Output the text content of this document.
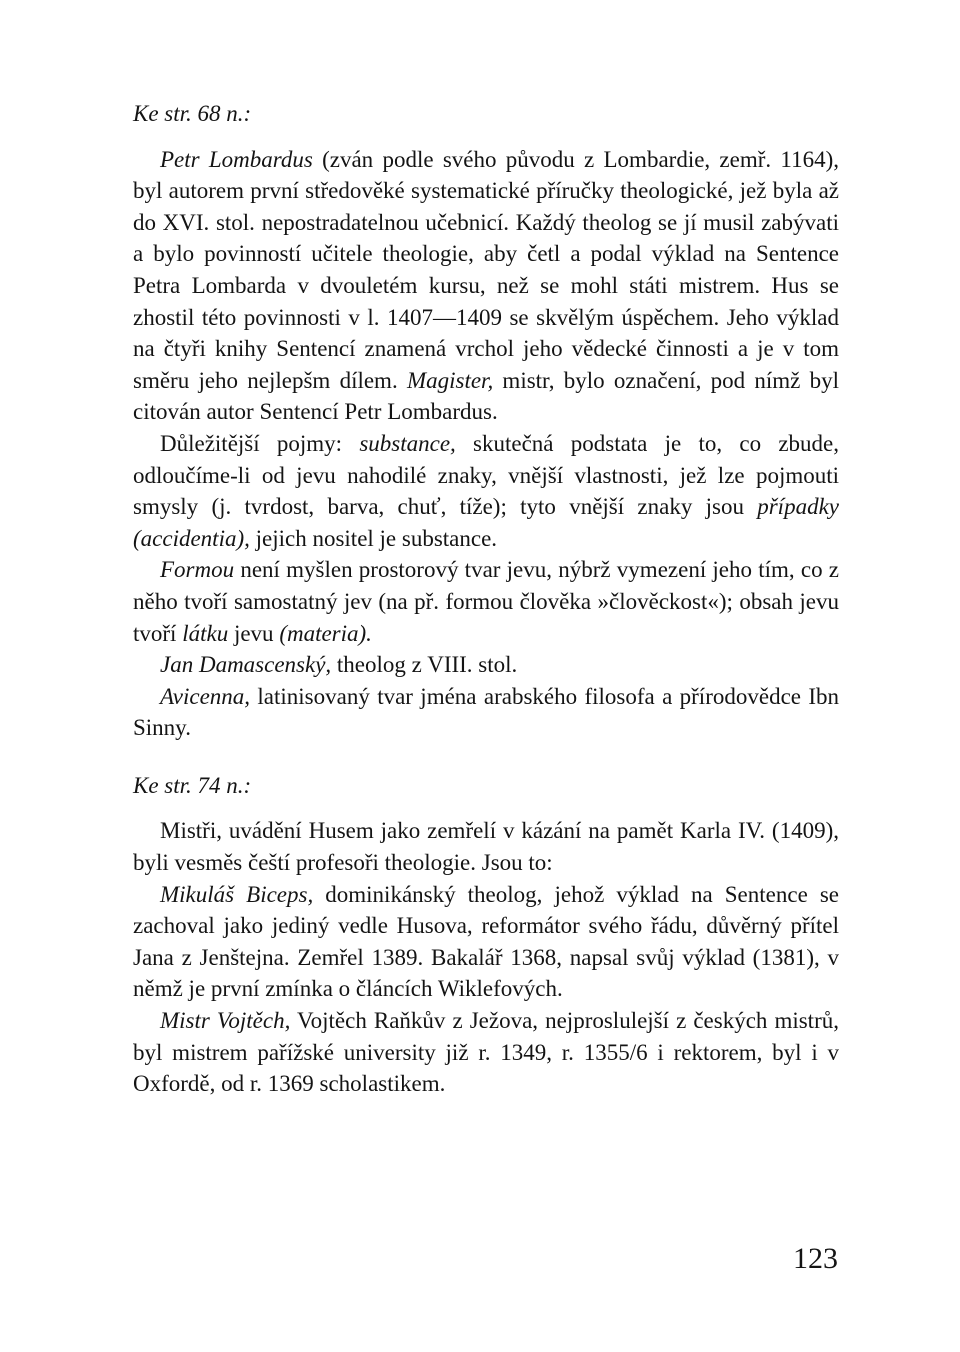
Ke str. 68 n.:

Petr Lombardus (zván podle svého původu z Lombardie, zemř. 1164), byl autorem první středověké systematické příručky theologické, jež byla až do XVI. stol. nepostradatelnou učebnicí. Každý theolog se jí musil zabývati a bylo povinností učitele theologie, aby četl a podal výklad na Sentence Petra Lombarda v dvouletém kursu, než se mohl státi mistrem. Hus se zhostil této povinnosti v l. 1407—1409 se skvělým úspěchem. Jeho výklad na čtyři knihy Sentencí znamená vrchol jeho vědecké činnosti a je v tom směru jeho nejlepšm dílem. Magister, mistr, bylo označení, pod nímž byl citován autor Sentencí Petr Lombardus.

Důležitější pojmy: substance, skutečná podstata je to, co zbude, odloučíme-li od jevu nahodilé znaky, vnější vlastnosti, jež lze pojmouti smysly (j. tvrdost, barva, chuť, tíže); tyto vnější znaky jsou případky (accidentia), jejich nositel je substance.

Formou není myšlen prostorový tvar jevu, nýbrž vymezení jeho tím, co z něho tvoří samostatný jev (na př. formou člověka »člověckost«); obsah jevu tvoří látku jevu (materia).

Jan Damascenský, theolog z VIII. stol.

Avicenna, latinisovaný tvar jména arabského filosofa a přírodovědce Ibn Sinny.

Ke str. 74 n.:

Mistři, uvádění Husem jako zemřelí v kázání na pamět Karla IV. (1409), byli vesměs čeští profesoři theologie. Jsou to:

Mikuláš Biceps, dominikánský theolog, jehož výklad na Sentence se zachoval jako jediný vedle Husova, reformátor svého řádu, důvěrný přítel Jana z Jenštejna. Zemřel 1389. Bakalář 1368, napsal svůj výklad (1381), v němž je první zmínka o článcích Wiklefových.

Mistr Vojtěch, Vojtěch Raňkův z Ježova, nejproslulejší z českých mistrů, byl mistrem pařížské university již r. 1349, r. 1355/6 i rektorem, byl i v Oxfordě, od r. 1369 scholastikem.

123
